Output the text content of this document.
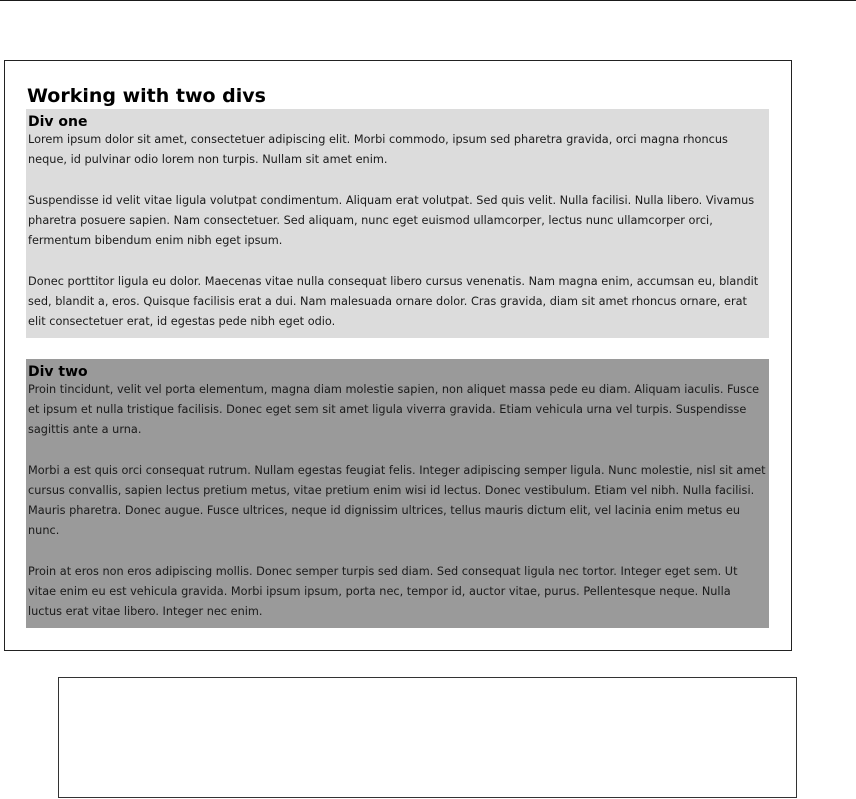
Working with two divs
Div one

Lorem ipsum dolor sit amet, consectetuer adipiscing elit. Morbi commodo, ipsum sed pharetra gravida, orci magna rhoncus neque, id pulvinar odio lorem non turpis. Nullam sit amet enim.

Suspendisse id velit vitae ligula volutpat condimentum. Aliquam erat volutpat. Sed quis velit. Nulla facilisi. Nulla libero. Vivamus pharetra posuere sapien. Nam consectetuer. Sed aliquam, nunc eget euismod ullamcorper, lectus nunc ullamcorper orci, fermentum bibendum enim nibh eget ipsum.

Donec porttitor ligula eu dolor. Maecenas vitae nulla consequat libero cursus venenatis. Nam magna enim, accumsan eu, blandit sed, blandit a, eros. Quisque facilisis erat a dui. Nam malesuada ornare dolor. Cras gravida, diam sit amet rhoncus ornare, erat elit consectetuer erat, id egestas pede nibh eget odio.

Div two

Proin tincidunt, velit vel porta elementum, magna diam molestie sapien, non aliquet massa pede eu diam. Aliquam iaculis. Fusce et ipsum et nulla tristique facilisis. Donec eget sem sit amet ligula viverra gravida. Etiam vehicula urna vel turpis. Suspendisse sagittis ante a urna.

Morbi a est quis orci consequat rutrum. Nullam egestas feugiat felis. Integer adipiscing semper ligula. Nunc molestie, nisl sit amet cursus convallis, sapien lectus pretium metus, vitae pretium enim wisi id lectus. Donec vestibulum. Etiam vel nibh. Nulla facilisi. Mauris pharetra. Donec augue. Fusce ultrices, neque id dignissim ultrices, tellus mauris dictum elit, vel lacinia enim metus eu nunc.

Proin at eros non eros adipiscing mollis. Donec semper turpis sed diam. Sed consequat ligula nec tortor. Integer eget sem. Ut vitae enim eu est vehicula gravida. Morbi ipsum ipsum, porta nec, tempor id, auctor vitae, purus. Pellentesque neque. Nulla luctus erat vitae libero. Integer nec enim.
